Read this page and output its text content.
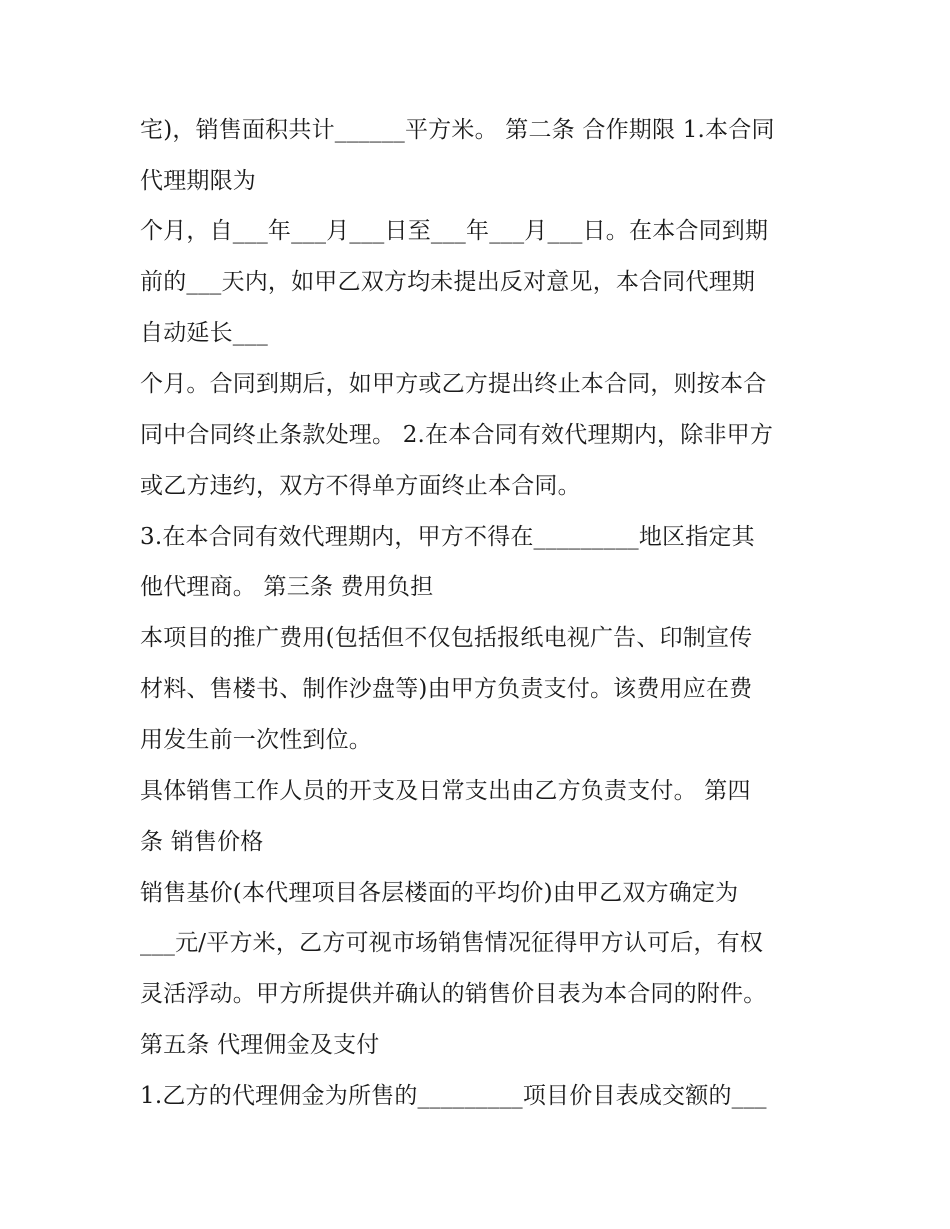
宅)，销售面积共计______平方米。 第二条 合作期限 1.本合同
代理期限为
个月，自___年___月___日至___年___月___日。在本合同到期
前的___天内，如甲乙双方均未提出反对意见，本合同代理期
自动延长___
个月。合同到期后，如甲方或乙方提出终止本合同，则按本合
同中合同终止条款处理。 2.在本合同有效代理期内，除非甲方
或乙方违约，双方不得单方面终止本合同。
3.在本合同有效代理期内，甲方不得在_________地区指定其
他代理商。 第三条 费用负担
本项目的推广费用(包括但不仅包括报纸电视广告、印制宣传
材料、售楼书、制作沙盘等)由甲方负责支付。该费用应在费
用发生前一次性到位。
具体销售工作人员的开支及日常支出由乙方负责支付。 第四
条 销售价格
销售基价(本代理项目各层楼面的平均价)由甲乙双方确定为
___元/平方米，乙方可视市场销售情况征得甲方认可后，有权
灵活浮动。甲方所提供并确认的销售价目表为本合同的附件。
第五条 代理佣金及支付
1.乙方的代理佣金为所售的_________项目价目表成交额的___
